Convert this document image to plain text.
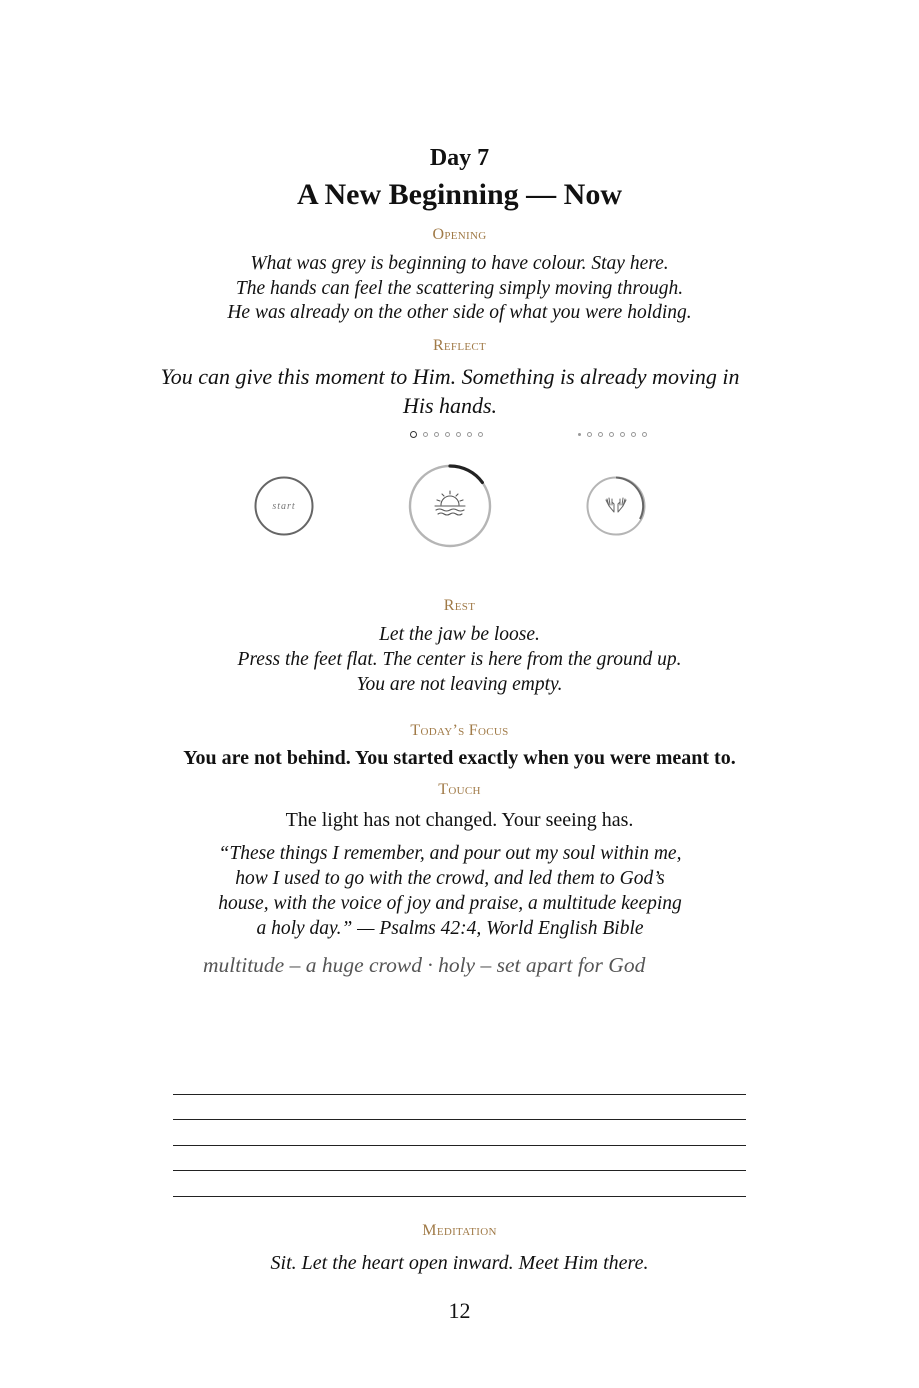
Day 7
A New Beginning — Now
Opening
What was grey is beginning to have colour. Stay here.
The hands can feel the scattering simply moving through.
He was already on the other side of what you were holding.
Reflect
You can give this moment to Him. Something is already moving in His hands.
start
Rest
Let the jaw be loose.
Press the feet flat. The center is here from the ground up.
You are not leaving empty.
Today’s Focus
You are not behind. You started exactly when you were meant to.
Touch
The light has not changed. Your seeing has.
“These things I remember, and pour out my soul within me,
how I used to go with the crowd, and led them to God’s
house, with the voice of joy and praise, a multitude keeping
a holy day.” — Psalms 42:4, World English Bible
multitude – a huge crowd · holy – set apart for God
Meditation
Sit. Let the heart open inward. Meet Him there.
12
